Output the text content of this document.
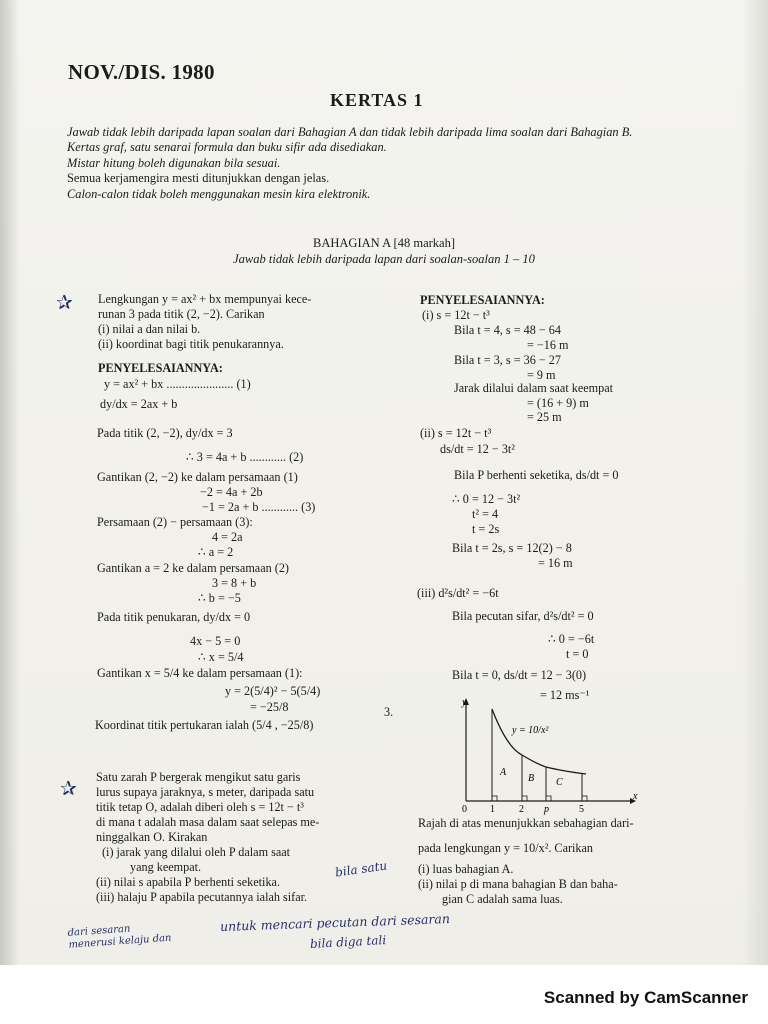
NOV./DIS. 1980
KERTAS 1
Jawab tidak lebih daripada lapan soalan dari Bahagian A dan tidak lebih daripada lima soalan dari Bahagian B.
Kertas graf, satu senarai formula dan buku sifir ada disediakan.
Mistar hitung boleh digunakan bila sesuai.
Semua kerjamengira mesti ditunjukkan dengan jelas.
Calon-calon tidak boleh menggunakan mesin kira elektronik.
BAHAGIAN A [48 markah]
Jawab tidak lebih daripada lapan dari soalan-soalan 1 – 10
✰ Lengkungan y = ax² + bx mempunyai kece-
runan 3 pada titik (2, −2). Carikan
(i) nilai a dan nilai b.
(ii) koordinat bagi titik penukarannya.
PENYELESAIANNYA:
y = ax² + bx ...................... (1)
dy/dx = 2ax + b
Pada titik (2, −2), dy/dx = 3
∴ 3 = 4a + b ............ (2)
Gantikan (2, −2) ke dalam persamaan (1)
−2 = 4a + 2b
−1 = 2a + b ............ (3)
Persamaan (2) − persamaan (3):
4 = 2a
∴ a = 2
Gantikan a = 2 ke dalam persamaan (2)
3 = 8 + b
∴ b = −5
Pada titik penukaran, dy/dx = 0
4x − 5 = 0
∴ x = 5/4
Gantikan x = 5/4 ke dalam persamaan (1):
y = 2(5/4)² − 5(5/4)
= −25/8
Koordinat titik pertukaran ialah (5/4 , −25/8)
✰ Satu zarah P bergerak mengikut satu garis
lurus supaya jaraknya, s meter, daripada satu
titik tetap O, adalah diberi oleh s = 12t − t³
di mana t adalah masa dalam saat selepas me-
ninggalkan O. Kirakan
(i) jarak yang dilalui oleh P dalam saat
yang keempat.
(ii) nilai s apabila P berhenti seketika.
(iii) halaju P apabila pecutannya ialah sifar.
bila satu
untuk mencari pecutan dari sesaran
bila diga tali
dari sesaran menerusi kelaju dan
PENYELESAIANNYA:
(i) s = 12t − t³
Bila t = 4, s = 48 − 64
= −16 m
Bila t = 3, s = 36 − 27
= 9 m
Jarak dilalui dalam saat keempat
= (16 + 9) m
= 25 m
(ii) s = 12t − t³
ds/dt = 12 − 3t²
Bila P berhenti seketika, ds/dt = 0
∴ 0 = 12 − 3t²
t² = 4
t = 2s
Bila t = 2s, s = 12(2) − 8
= 16 m
(iii) d²s/dt² = −6t
Bila pecutan sifar, d²s/dt² = 0
∴ 0 = −6t
t = 0
Bila t = 0, ds/dt = 12 − 3(0)
= 12 ms⁻¹
3.
y
x
y = 10/x²
A
B C
0 1 2 p	5
Rajah di atas menunjukkan sebahagian dari-
pada lengkungan y = 10/x². Carikan
(i) luas bahagian A.
(ii) nilai p di mana bahagian B dan baha-
gian C adalah sama luas.
Scanned by CamScanner
